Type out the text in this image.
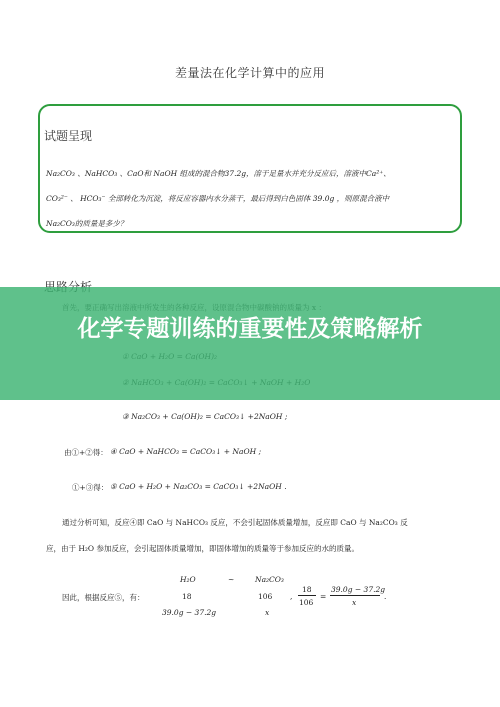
差量法在化学计算中的应用
试题呈现
Na₂CO₃ 、NaHCO₃ 、CaO和 NaOH 组成的混合物37.2g，溶于足量水并充分反应后，溶液中Ca²⁺、
CO₃²⁻ 、 HCO₃⁻ 全部转化为沉淀，将反应容器内水分蒸干，最后得到白色固体 39.0g ，则原混合液中
Na₂CO₃的质量是多少？
化学专题训练的重要性及策略解析
③ Na₂CO₃ + Ca(OH)₂ = CaCO₃↓ +2NaOH ;
由①+②得： ④ CaO + NaHCO₃ = CaCO₃↓ + NaOH ;
①+③得： ⑤ CaO + H₂O + Na₂CO₃ = CaCO₃↓ +2NaOH .
通过分析可知，反应④即 CaO 与 NaHCO₃ 反应，不会引起固体质量增加，反应即 CaO 与 Na₂CO₃ 反
应，由于 H₂O 参加反应，会引起固体质量增加，即固体增加的质量等于参加反应的水的质量。
H₂O	~	Na₂CO₃
因此，根据反应⑤，有：	18	106
39.0g − 37.2g	x
,
18
106
=
39.0g − 37.2g
x
.
